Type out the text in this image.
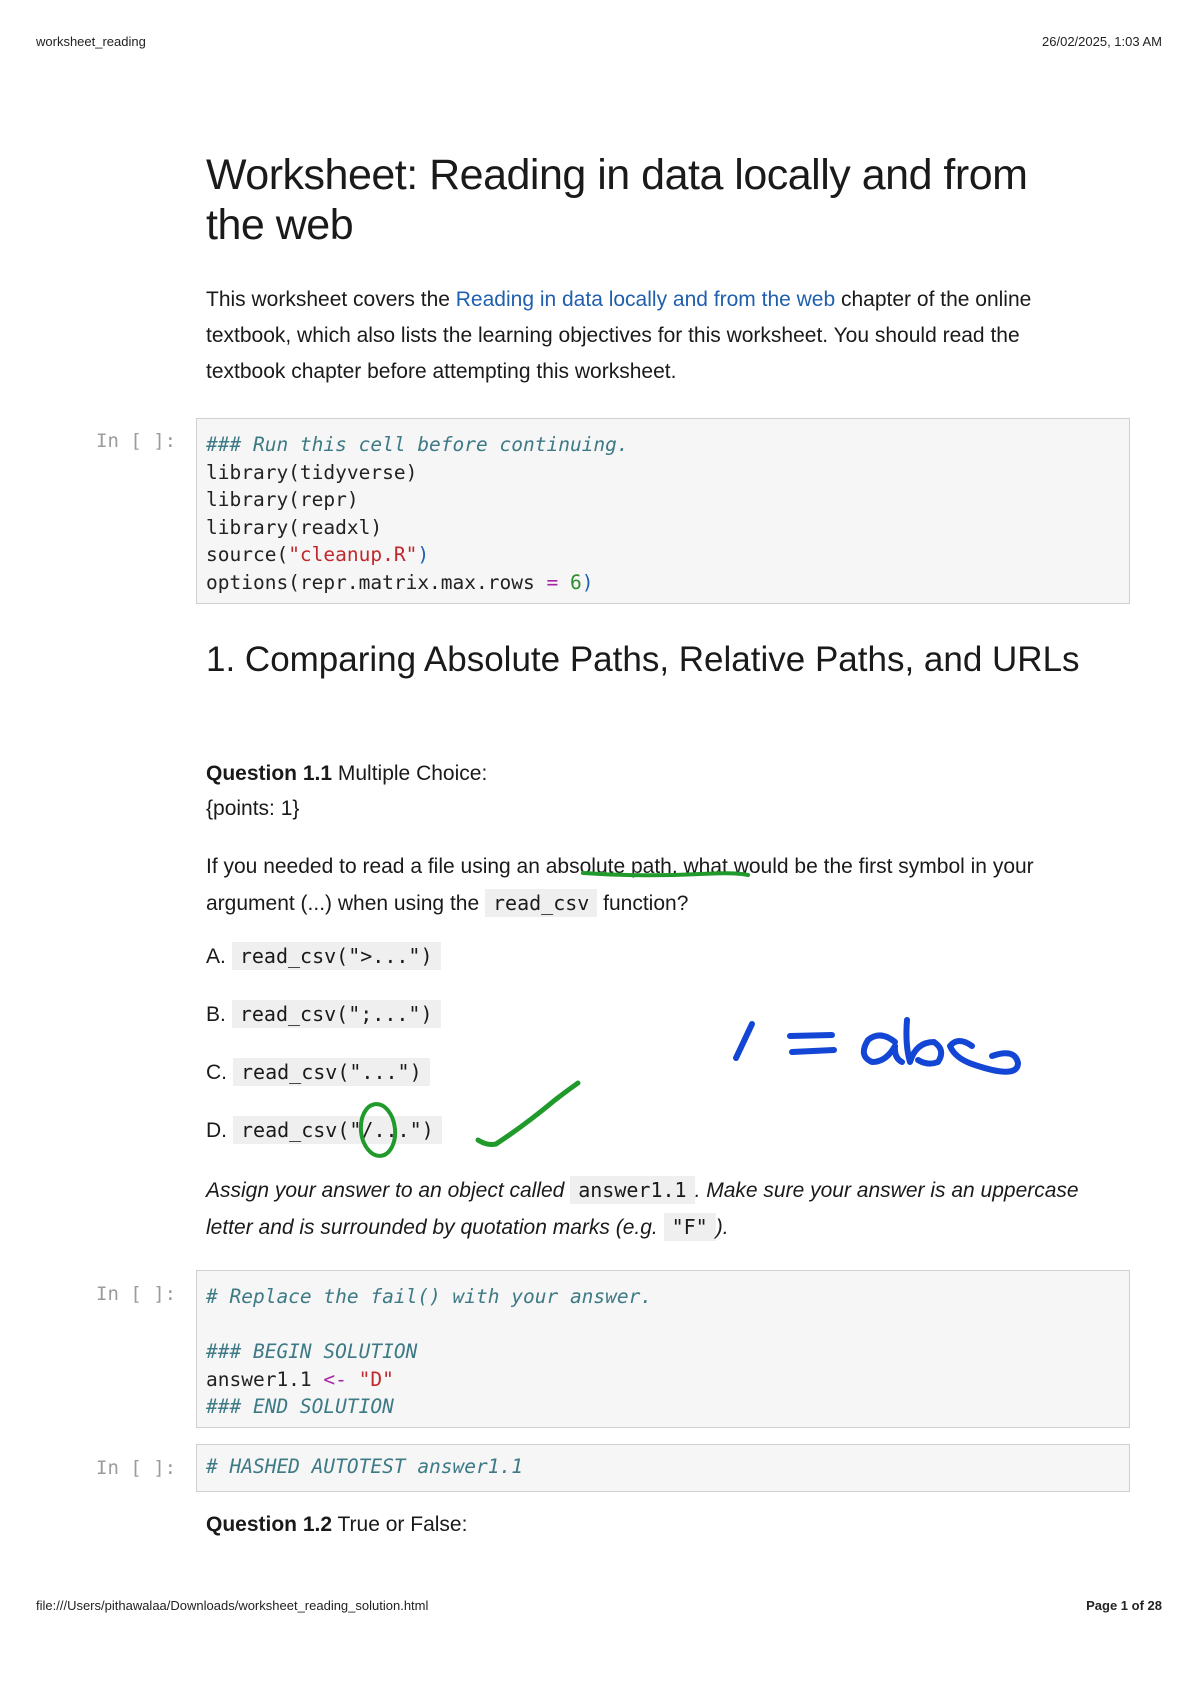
worksheet_reading	26/02/2025, 1:03 AM
Worksheet: Reading in data locally and from the web

This worksheet covers the Reading in data locally and from the web chapter of the online textbook, which also lists the learning objectives for this worksheet. You should read the textbook chapter before attempting this worksheet.

In [ ]:	### Run this cell before continuing.
library(tidyverse)
library(repr)
library(readxl)
source("cleanup.R")
options(repr.matrix.max.rows = 6)
1. Comparing Absolute Paths, Relative Paths, and URLs

Question 1.1 Multiple Choice:

{points: 1}

If you needed to read a file using an absolute path, what would be the first symbol in your argument (...) when using the read_csv function?

A. read_csv(">...")
B. read_csv(";...")
C. read_csv("...")
D. read_csv("/...")

Assign your answer to an object called answer1.1 . Make sure your answer is an uppercase letter and is surrounded by quotation marks (e.g. "F" ).

In [ ]:	# Replace the fail() with your answer.

### BEGIN SOLUTION
answer1.1 <- "D"
### END SOLUTION
In [ ]:	# HASHED AUTOTEST answer1.1

Question 1.2 True or False:

file:///Users/pithawalaa/Downloads/worksheet_reading_solution.html	Page 1 of 28
